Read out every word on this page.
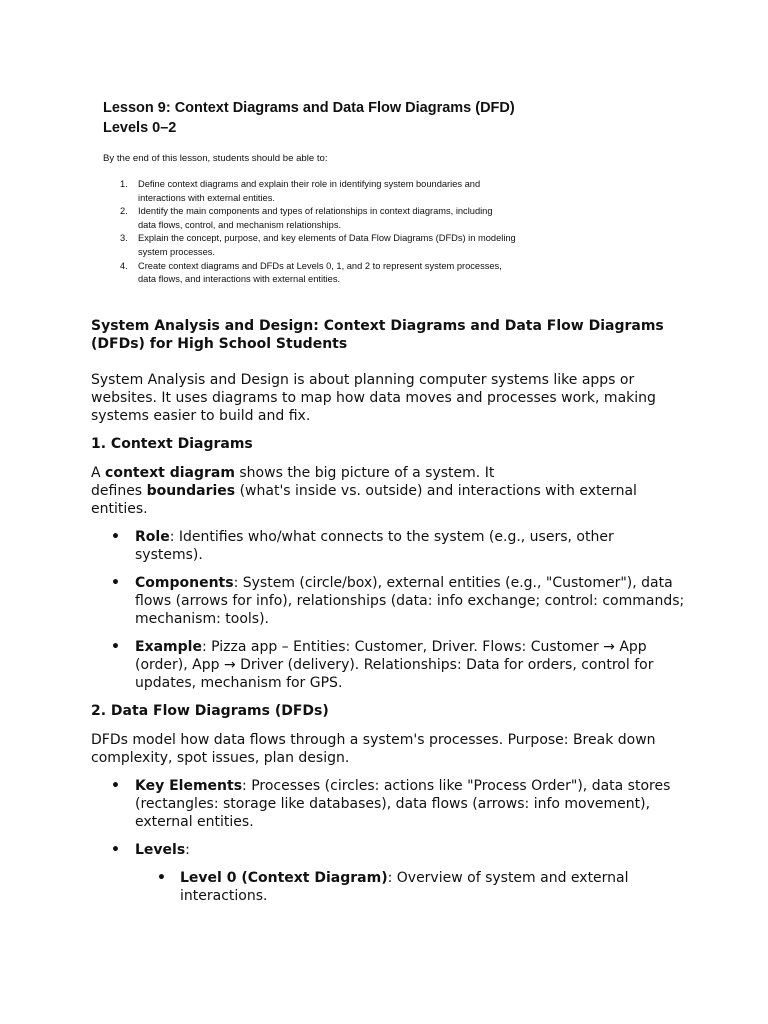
Lesson 9: Context Diagrams and Data Flow Diagrams (DFD)
Levels 0–2

By the end of this lesson, students should be able to:

1. Define context diagrams and explain their role in identifying system boundaries and
interactions with external entities.
2. Identify the main components and types of relationships in context diagrams, including
data flows, control, and mechanism relationships.
3. Explain the concept, purpose, and key elements of Data Flow Diagrams (DFDs) in modeling
system processes.
4. Create context diagrams and DFDs at Levels 0, 1, and 2 to represent system processes,
data flows, and interactions with external entities.
System Analysis and Design: Context Diagrams and Data Flow Diagrams
(DFDs) for High School Students

System Analysis and Design is about planning computer systems like apps or
websites. It uses diagrams to map how data moves and processes work, making
systems easier to build and fix.

1. Context Diagrams

A context diagram shows the big picture of a system. It
defines boundaries (what's inside vs. outside) and interactions with external
entities.

• Role: Identifies who/what connects to the system (e.g., users, other
systems).
• Components: System (circle/box), external entities (e.g., "Customer"), data
flows (arrows for info), relationships (data: info exchange; control: commands;
mechanism: tools).
• Example: Pizza app – Entities: Customer, Driver. Flows: Customer → App
(order), App → Driver (delivery). Relationships: Data for orders, control for
updates, mechanism for GPS.
2. Data Flow Diagrams (DFDs)

DFDs model how data flows through a system's processes. Purpose: Break down
complexity, spot issues, plan design.

• Key Elements: Processes (circles: actions like "Process Order"), data stores
(rectangles: storage like databases), data flows (arrows: info movement),
external entities.
• Levels:
• Level 0 (Context Diagram): Overview of system and external
interactions.
